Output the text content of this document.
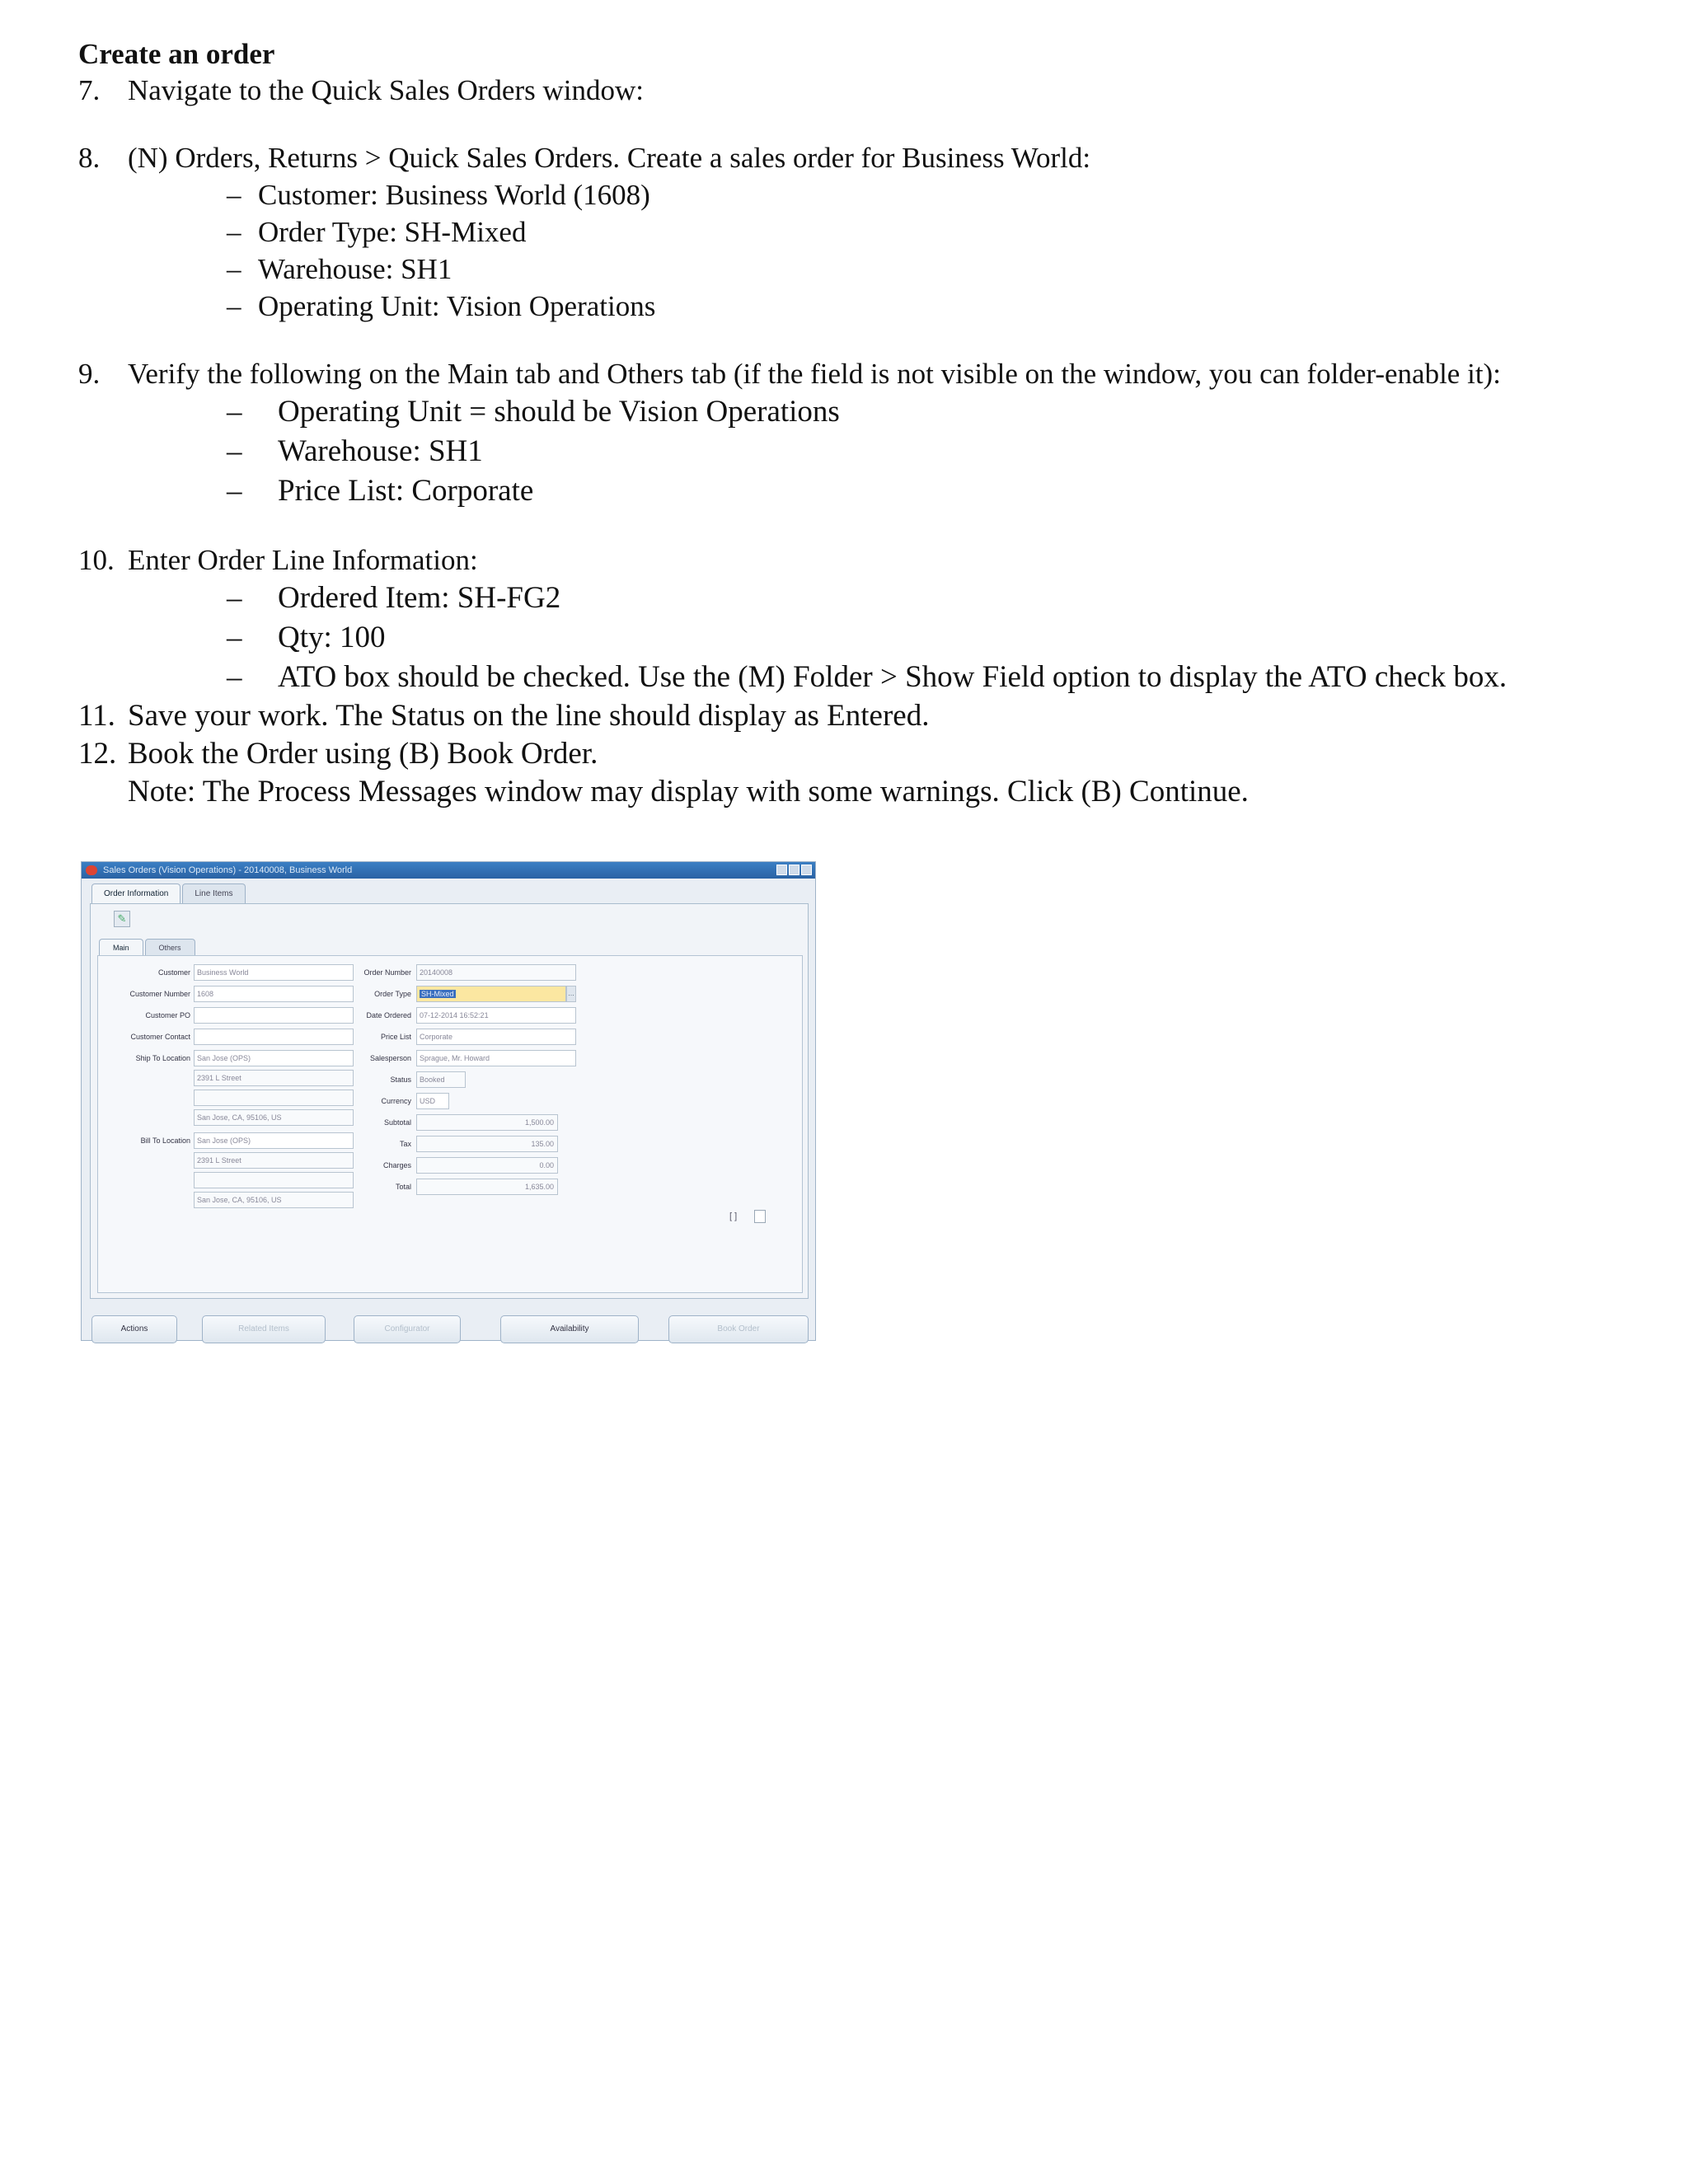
Create an order
7. Navigate to the Quick Sales Orders window:
8. (N) Orders, Returns > Quick Sales Orders. Create a sales order for Business World:
– Customer: Business World (1608)
– Order Type: SH-Mixed
– Warehouse: SH1
– Operating Unit: Vision Operations
9. Verify the following on the Main tab and Others tab (if the field is not visible on the window, you can folder-enable it):
– Operating Unit = should be Vision Operations
– Warehouse: SH1
– Price List: Corporate
10. Enter Order Line Information:
– Ordered Item: SH-FG2
– Qty: 100
– ATO box should be checked. Use the (M) Folder > Show Field option to display the ATO check box.
11. Save your work. The Status on the line should display as Entered.
12. Book the Order using (B) Book Order.
Note: The Process Messages window may display with some warnings. Click (B) Continue.
Sales Orders (Vision Operations) - 20140008, Business World
Order Information	Line Items
✎
Main	Others
Customer Business World
Customer Number 1608
Customer PO
Customer Contact
Ship To Location San Jose (OPS)
2391 L Street
San Jose, CA, 95106, US
Bill To Location San Jose (OPS)
2391 L Street
San Jose, CA, 95106, US
Order Number	20140008
Order Type	SH-Mixed	…
Date Ordered	07-12-2014 16:52:21
Price List	Corporate
Salesperson	Sprague, Mr. Howard
Status	Booked
Currency	USD
Subtotal	1,500.00
Tax	135.00
Charges	0.00
Total	1,635.00
[ ]
Actions	Related Items	Configurator	Availability	Book Order
